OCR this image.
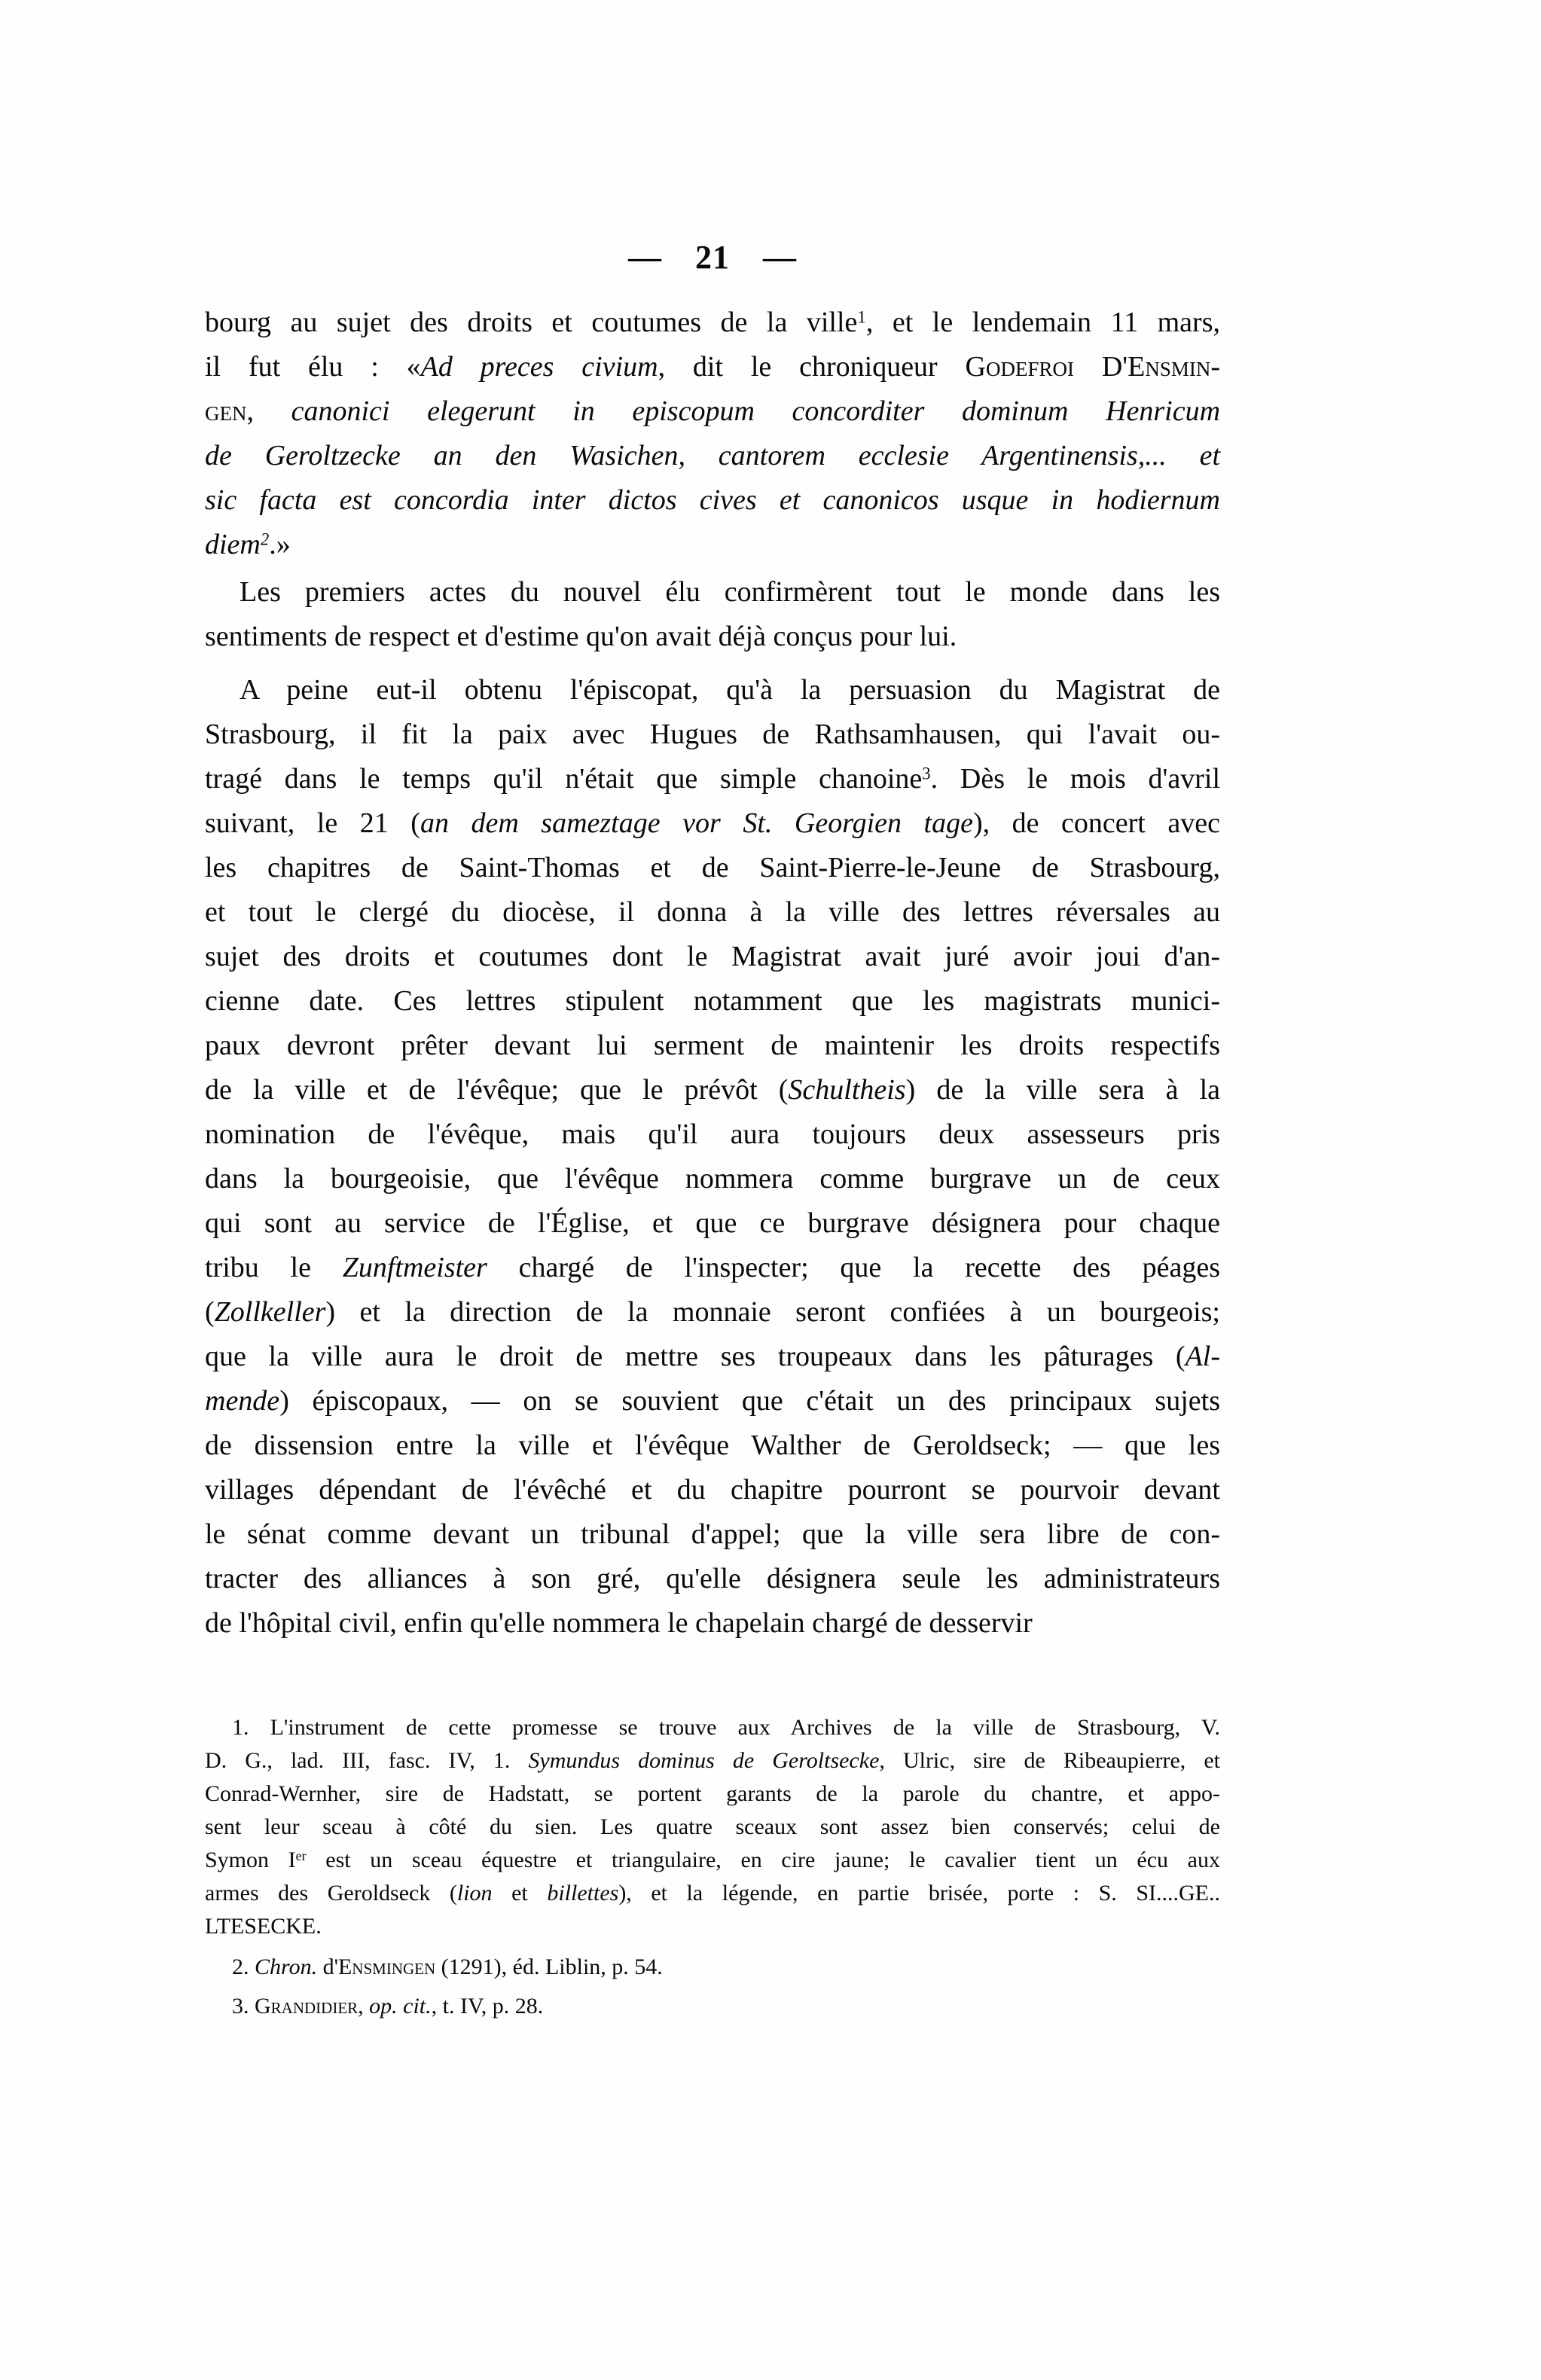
— 21 —
bourg au sujet des droits et coutumes de la ville$^1$, et le lendemain 11 mars,
il fut élu : «Ad preces civium, dit le chroniqueur Godefroi D'Ensmin-
gen, canonici elegerunt in episcopum concorditer dominum Henricum
de Geroltzecke an den Wasichen, cantorem ecclesie Argentinensis,... et
sic facta est concordia inter dictos cives et canonicos usque in hodiernum
diem$^2$.»
Les premiers actes du nouvel élu confirmèrent tout le monde dans les
sentiments de respect et d'estime qu'on avait déjà conçus pour lui.
A peine eut-il obtenu l'épiscopat, qu'à la persuasion du Magistrat de
Strasbourg, il fit la paix avec Hugues de Rathsamhausen, qui l'avait ou-
tragé dans le temps qu'il n'était que simple chanoine$^3$. Dès le mois d'avril
suivant, le 21 (an dem sameztage vor St. Georgien tage), de concert avec
les chapitres de Saint-Thomas et de Saint-Pierre-le-Jeune de Strasbourg,
et tout le clergé du diocèse, il donna à la ville des lettres réversales au
sujet des droits et coutumes dont le Magistrat avait juré avoir joui d'an-
cienne date. Ces lettres stipulent notamment que les magistrats munici-
paux devront prêter devant lui serment de maintenir les droits respectifs
de la ville et de l'évêque; que le prévôt (Schultheis) de la ville sera à la
nomination de l'évêque, mais qu'il aura toujours deux assesseurs pris
dans la bourgeoisie, que l'évêque nommera comme burgrave un de ceux
qui sont au service de l'Église, et que ce burgrave désignera pour chaque
tribu le Zunftmeister chargé de l'inspecter; que la recette des péages
(Zollkeller) et la direction de la monnaie seront confiées à un bourgeois;
que la ville aura le droit de mettre ses troupeaux dans les pâturages (Al-
mende) épiscopaux, — on se souvient que c'était un des principaux sujets
de dissension entre la ville et l'évêque Walther de Geroldseck; — que les
villages dépendant de l'évêché et du chapitre pourront se pourvoir devant
le sénat comme devant un tribunal d'appel; que la ville sera libre de con-
tracter des alliances à son gré, qu'elle désignera seule les administrateurs
de l'hôpital civil, enfin qu'elle nommera le chapelain chargé de desservir
1. L'instrument de cette promesse se trouve aux Archives de la ville de Strasbourg, V.
D. G., lad. III, fasc. IV, 1. Symundus dominus de Geroltsecke, Ulric, sire de Ribeaupierre, et
Conrad-Wernher, sire de Hadstatt, se portent garants de la parole du chantre, et appo-
sent leur sceau à côté du sien. Les quatre sceaux sont assez bien conservés; celui de
Symon Ier est un sceau équestre et triangulaire, en cire jaune; le cavalier tient un écu aux
armes des Geroldseck (lion et billettes), et la légende, en partie brisée, porte : S. SI....GE..
LTESECKE.
2. Chron. d'Ensmingen (1291), éd. Liblin, p. 54.
3. Grandidier, op. cit., t. IV, p. 28.
